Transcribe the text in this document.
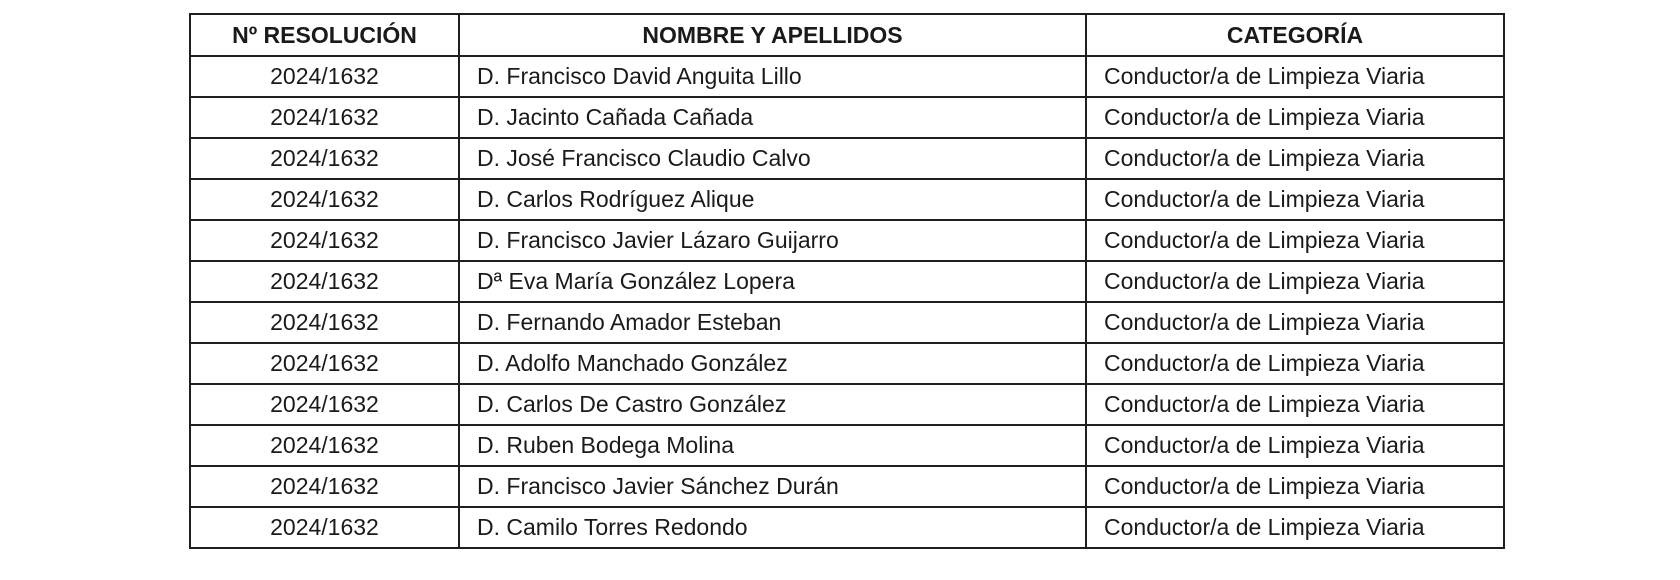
Nº RESOLUCIÓN	NOMBRE Y APELLIDOS	CATEGORÍA
2024/1632	D. Francisco David Anguita Lillo	Conductor/a de Limpieza Viaria
2024/1632	D. Jacinto Cañada Cañada	Conductor/a de Limpieza Viaria
2024/1632	D. José Francisco Claudio Calvo	Conductor/a de Limpieza Viaria
2024/1632	D. Carlos Rodríguez Alique	Conductor/a de Limpieza Viaria
2024/1632	D. Francisco Javier Lázaro Guijarro	Conductor/a de Limpieza Viaria
2024/1632	Dª Eva María González Lopera	Conductor/a de Limpieza Viaria
2024/1632	D. Fernando Amador Esteban	Conductor/a de Limpieza Viaria
2024/1632	D. Adolfo Manchado González	Conductor/a de Limpieza Viaria
2024/1632	D. Carlos De Castro González	Conductor/a de Limpieza Viaria
2024/1632	D. Ruben Bodega Molina	Conductor/a de Limpieza Viaria
2024/1632	D. Francisco Javier Sánchez Durán	Conductor/a de Limpieza Viaria
2024/1632	D. Camilo Torres Redondo	Conductor/a de Limpieza Viaria
